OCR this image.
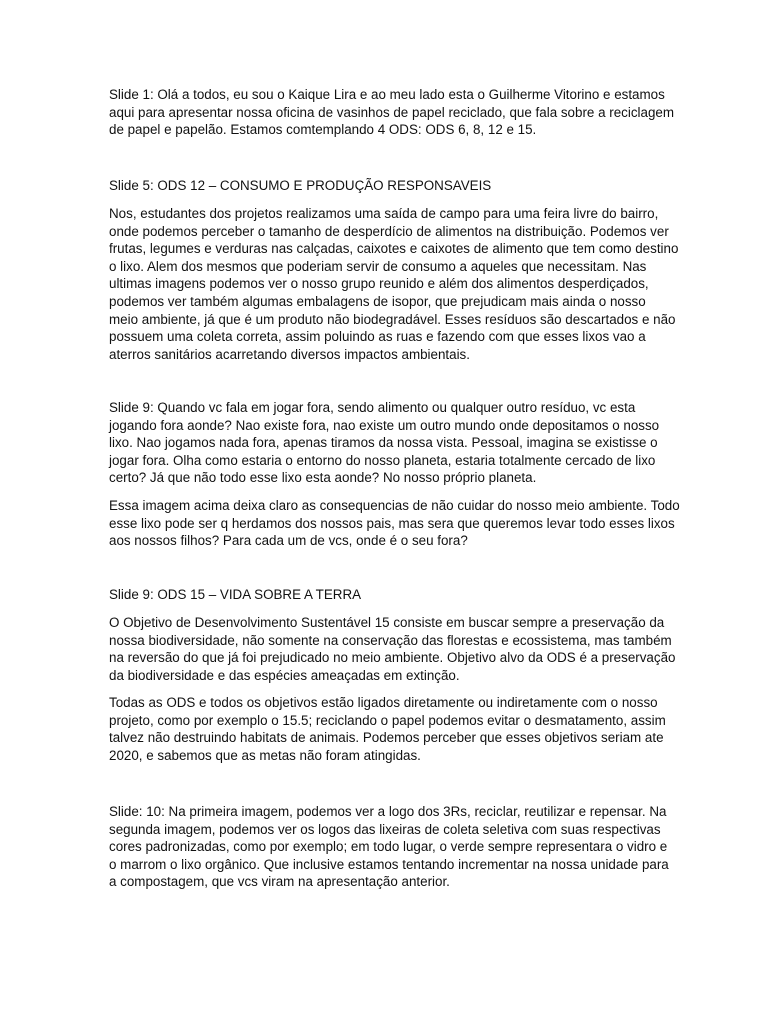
Slide 1: Olá a todos, eu sou o Kaique Lira e ao meu lado esta o Guilherme Vitorino e estamos
aqui para apresentar nossa oficina de vasinhos de papel reciclado, que fala sobre a reciclagem
de papel e papelão. Estamos comtemplando 4 ODS: ODS 6, 8, 12 e 15.

Slide 5: ODS 12 – CONSUMO E PRODUÇÃO RESPONSAVEIS

Nos, estudantes dos projetos realizamos uma saída de campo para uma feira livre do bairro,
onde podemos perceber o tamanho de desperdício de alimentos na distribuição. Podemos ver
frutas, legumes e verduras nas calçadas, caixotes e caixotes de alimento que tem como destino
o lixo. Alem dos mesmos que poderiam servir de consumo a aqueles que necessitam. Nas
ultimas imagens podemos ver o nosso grupo reunido e além dos alimentos desperdiçados,
podemos ver também algumas embalagens de isopor, que prejudicam mais ainda o nosso
meio ambiente, já que é um produto não biodegradável. Esses resíduos são descartados e não
possuem uma coleta correta, assim poluindo as ruas e fazendo com que esses lixos vao a
aterros sanitários acarretando diversos impactos ambientais.

Slide 9: Quando vc fala em jogar fora, sendo alimento ou qualquer outro resíduo, vc esta
jogando fora aonde? Nao existe fora, nao existe um outro mundo onde depositamos o nosso
lixo. Nao jogamos nada fora, apenas tiramos da nossa vista. Pessoal, imagina se existisse o
jogar fora. Olha como estaria o entorno do nosso planeta, estaria totalmente cercado de lixo
certo? Já que não todo esse lixo esta aonde? No nosso próprio planeta.

Essa imagem acima deixa claro as consequencias de não cuidar do nosso meio ambiente. Todo
esse lixo pode ser q herdamos dos nossos pais, mas sera que queremos levar todo esses lixos
aos nossos filhos? Para cada um de vcs, onde é o seu fora?

Slide 9: ODS 15 – VIDA SOBRE A TERRA

O Objetivo de Desenvolvimento Sustentável 15 consiste em buscar sempre a preservação da
nossa biodiversidade, não somente na conservação das florestas e ecossistema, mas também
na reversão do que já foi prejudicado no meio ambiente. Objetivo alvo da ODS é a preservação
da biodiversidade e das espécies ameaçadas em extinção.

Todas as ODS e todos os objetivos estão ligados diretamente ou indiretamente com o nosso
projeto, como por exemplo o 15.5; reciclando o papel podemos evitar o desmatamento, assim
talvez não destruindo habitats de animais. Podemos perceber que esses objetivos seriam ate
2020, e sabemos que as metas não foram atingidas.

Slide: 10: Na primeira imagem, podemos ver a logo dos 3Rs, reciclar, reutilizar e repensar. Na
segunda imagem, podemos ver os logos das lixeiras de coleta seletiva com suas respectivas
cores padronizadas, como por exemplo; em todo lugar, o verde sempre representara o vidro e
o marrom o lixo orgânico. Que inclusive estamos tentando incrementar na nossa unidade para
a compostagem, que vcs viram na apresentação anterior.
